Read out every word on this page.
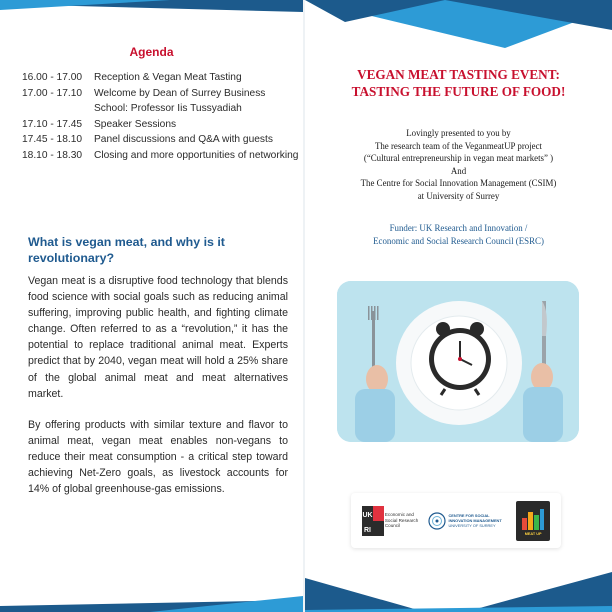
Agenda
16.00 - 17.00	Reception & Vegan Meat Tasting
17.00 - 17.10	Welcome by Dean of Surrey Business School: Professor Iis Tussyadiah
17.10 - 17.45	Speaker Sessions
17.45 - 18.10	Panel discussions and Q&A with guests
18.10 - 18.30	Closing and more opportunities of networking
What is vegan meat, and why is it revolutionary?

Vegan meat is a disruptive food technology that blends food science with social goals such as reducing animal suffering, improving public health, and fighting climate change. Often referred to as a “revolution,” it has the potential to replace traditional animal meat. Experts predict that by 2040, vegan meat will hold a 25% share of the global animal meat and meat alternatives market.

By offering products with similar texture and flavor to animal meat, vegan meat enables non-vegans to reduce their meat consumption - a critical step toward achieving Net-Zero goals, as livestock accounts for 14% of global greenhouse-gas emissions.

VEGAN MEAT TASTING EVENT:
TASTING THE FUTURE OF FOOD!
Lovingly presented to you by
The research team of the VeganmeatUP project
(“Cultural entrepreneurship in vegan meat markets” )
And
The Centre for Social Innovation Management (CSIM)
at University of Surrey
Funder: UK Research and Innovation /
Economic and Social Research Council (ESRC)
UK
RI
Economic and Social Research Council
CENTRE FOR SOCIAL
INNOVATION MANAGEMENT
UNIVERSITY OF SURREY
MEAT UP
